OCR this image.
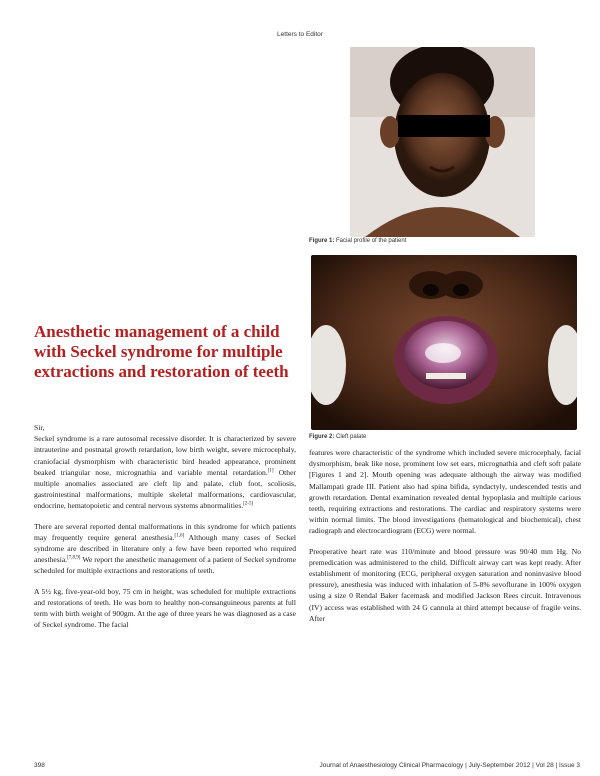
Letters to Editor
Figure 1: Facial profile of the patient
Figure 2: Cleft palate
Anesthetic management of a child with Seckel syndrome for multiple extractions and restoration of teeth

Sir,

Seckel syndrome is a rare autosomal recessive disorder. It is characterized by severe intrauterine and postnatal growth retardation, low birth weight, severe microcephaly, craniofacial dysmorphism with characteristic bird headed appearance, prominent beaked triangular nose, micrognathia and variable mental retardation.[1] Other multiple anomalies associated are cleft lip and palate, club foot, scoliosis, gastrointestinal malformations, multiple skeletal malformations, cardiovascular, endocrine, hematopoietic and central nervous systems abnormalities.[2-5]

There are several reported dental malformations in this syndrome for which patients may frequently require general anesthesia.[1,6] Although many cases of Seckel syndrome are described in literature only a few have been reported who required anesthesia.[7,8,9] We report the anesthetic management of a patient of Seckel syndrome scheduled for multiple extractions and restorations of teeth.

A 5½ kg, five-year-old boy, 75 cm in height, was scheduled for multiple extractions and restorations of teeth. He was born to healthy non-consanguineous parents at full term with birth weight of 900gm. At the age of three years he was diagnosed as a case of Seckel syndrome. The facial

features were characteristic of the syndrome which included severe microcephaly, facial dysmorphism, beak like nose, prominent low set ears, micrognathia and cleft soft palate [Figures 1 and 2]. Mouth opening was adequate although the airway was modified Mallampati grade III. Patient also had spina bifida, syndactyly, undescended testis and growth retardation. Dental examination revealed dental hypoplasia and multiple carious teeth, requiring extractions and restorations. The cardiac and respiratory systems were within normal limits. The blood investigations (hematological and biochemical), chest radiograph and electrocardiogram (ECG) were normal.

Preoperative heart rate was 110/minute and blood pressure was 90/40 mm Hg. No premedication was administered to the child. Difficult airway cart was kept ready. After establishment of monitoring (ECG, peripheral oxygen saturation and noninvasive blood pressure), anesthesia was induced with inhalation of 5-8% sevoflurane in 100% oxygen using a size 0 Rendal Baker facemask and modified Jackson Rees circuit. Intravenous (IV) access was established with 24 G cannula at third attempt because of fragile veins. After

398	Journal of Anaesthesiology Clinical Pharmacology | July-September 2012 | Vol 28 | Issue 3
